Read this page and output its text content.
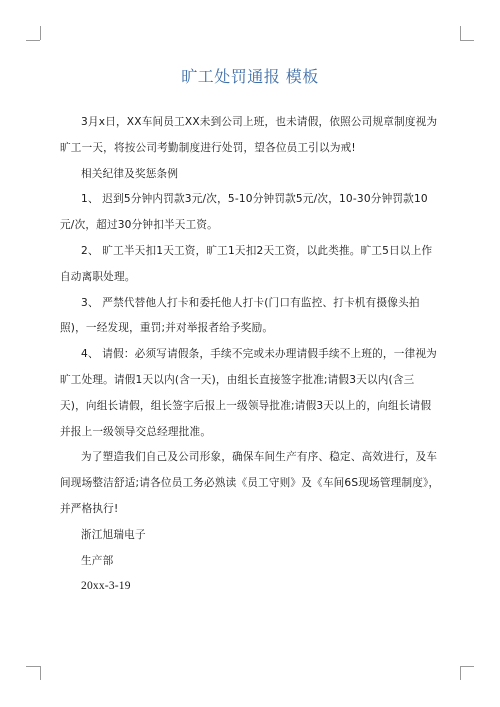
旷工处罚通报 模板

3月x日，XX车间员工XX未到公司上班，也未请假，依照公司规章制度视为旷工一天，将按公司考勤制度进行处罚，望各位员工引以为戒!

相关纪律及奖惩条例

1、 迟到5分钟内罚款3元/次，5-10分钟罚款5元/次，10-30分钟罚款10元/次，超过30分钟扣半天工资。

2、 旷工半天扣1天工资，旷工1天扣2天工资，以此类推。旷工5日以上作自动离职处理。

3、 严禁代替他人打卡和委托他人打卡(门口有监控、打卡机有摄像头拍照)，一经发现，重罚;并对举报者给予奖励。

4、 请假：必须写请假条，手续不完或未办理请假手续不上班的，一律视为旷工处理。请假1天以内(含一天)，由组长直接签字批准;请假3天以内(含三天)，向组长请假，组长签字后报上一级领导批准;请假3天以上的，向组长请假并报上一级领导交总经理批准。

为了塑造我们自己及公司形象，确保车间生产有序、稳定、高效进行，及车间现场整洁舒适;请各位员工务必熟读《员工守则》及《车间6S现场管理制度》，并严格执行!

浙江旭瑞电子

生产部

20xx-3-19
